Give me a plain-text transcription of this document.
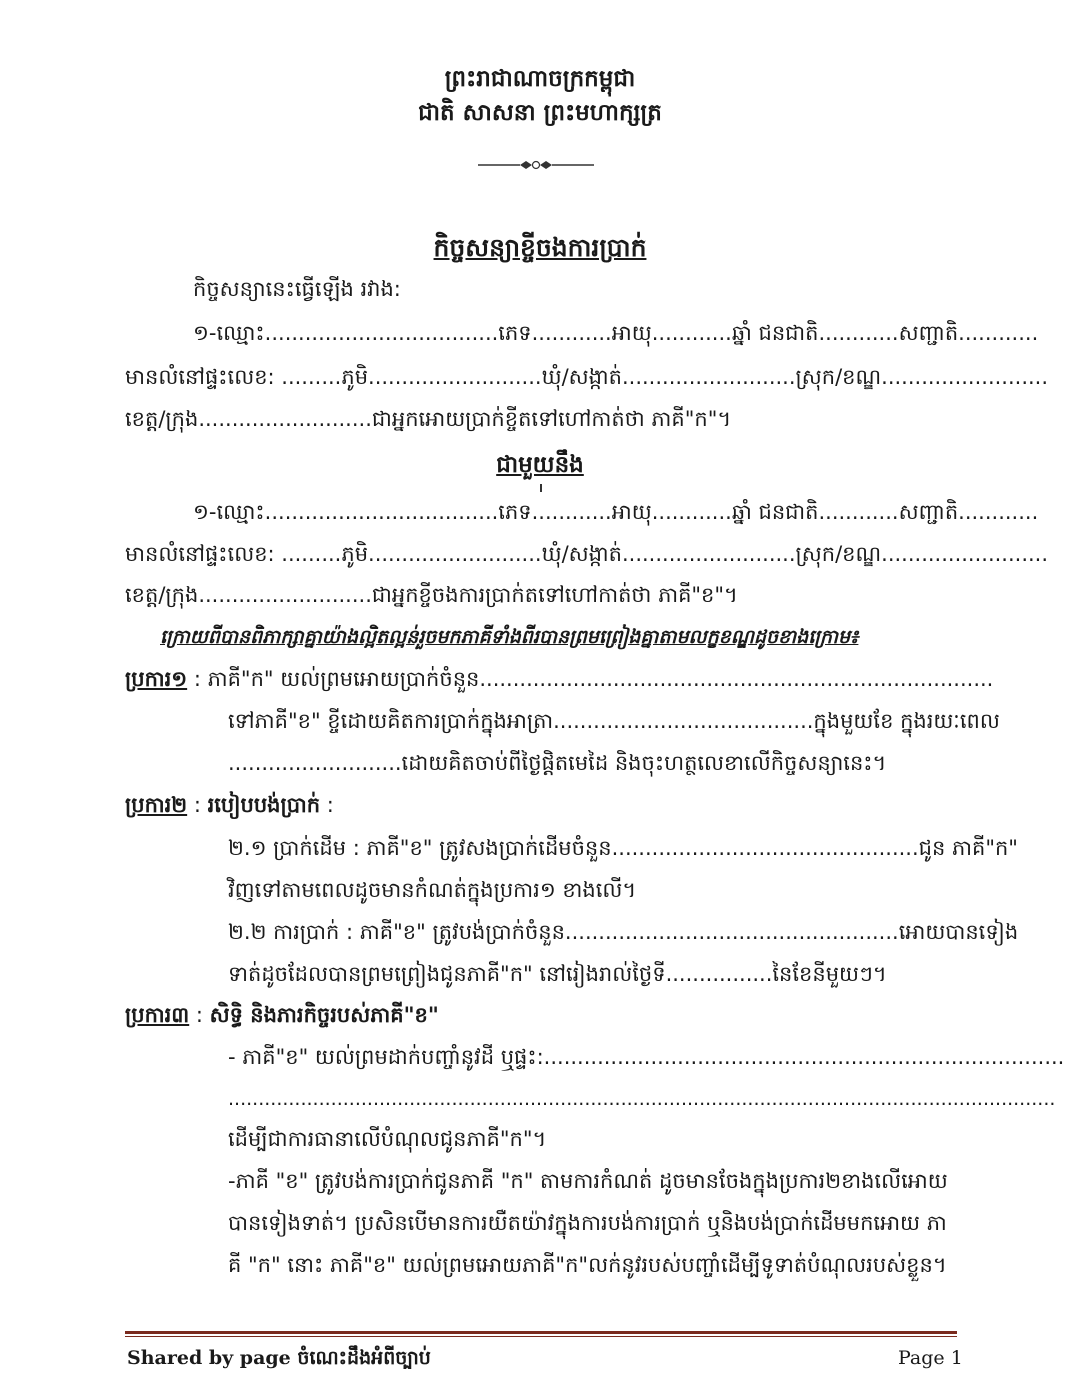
ព្រះរាជាណាចក្រកម្ពុជា
ជាតិ សាសនា ព្រះមហាក្សត្រ
កិច្ចសន្យាខ្ចីចងការប្រាក់
កិច្ចសន្យានេះធ្វើឡើង រវាង:
១-ឈ្មោះ...................................ភេទ............អាយុ............ឆ្នាំ ជនជាតិ............សញ្ជាតិ............
មានលំនៅផ្ទះលេខ: .........ភូមិ..........................ឃុំ/សង្កាត់..........................ស្រុក/ខណ្ឌ.........................
ខេត្ត/ក្រុង..........................ជាអ្នកអោយប្រាក់ខ្ចីតទៅហៅកាត់ថា ភាគី"ក"។
ជាមួយនឹង
១-ឈ្មោះ...................................ភេទ............អាយុ............ឆ្នាំ ជនជាតិ............សញ្ជាតិ............
មានលំនៅផ្ទះលេខ: .........ភូមិ..........................ឃុំ/សង្កាត់..........................ស្រុក/ខណ្ឌ.........................
ខេត្ត/ក្រុង..........................ជាអ្នកខ្ចីចងការប្រាក់តទៅហៅកាត់ថា ភាគី"ខ"។
ក្រោយពីបានពិភាក្សាគ្នាយ៉ាងល្អិតល្អន់រួចមកភាគីទាំងពីរបានព្រមព្រៀងគ្នាតាមលក្ខខណ្ឌដូចខាងក្រោម៖
ប្រការ១ : ភាគី"ក" យល់ព្រមអោយប្រាក់ចំនួន.............................................................................
ទៅភាគី"ខ" ខ្ចីដោយគិតការប្រាក់ក្នុងអាត្រា.......................................ក្នុងមួយខែ ក្នុងរយៈពេល
..........................ដោយគិតចាប់ពីថ្ងៃផ្តិតមេដៃ និងចុះហត្ថលេខាលើកិច្ចសន្យានេះ។
ប្រការ២ : របៀបបង់ប្រាក់ :
២.១ ប្រាក់ដើម : ភាគី"ខ" ត្រូវសងប្រាក់ដើមចំនួន..............................................ជូន ភាគី"ក"
វិញទៅតាមពេលដូចមានកំណត់ក្នុងប្រការ១ ខាងលើ។
២.២ ការប្រាក់ : ភាគី"ខ" ត្រូវបង់ប្រាក់ចំនួន..................................................អោយបានទៀង
ទាត់ដូចដែលបានព្រមព្រៀងជូនភាគី"ក" នៅរៀងរាល់ថ្ងៃទី................នៃខែនីមួយៗ។
ប្រការ៣ : សិទ្ធិ និងភារកិច្ចរបស់ភាគី"ខ"
- ភាគី"ខ" យល់ព្រមដាក់បញ្ចាំនូវដី ឬផ្ទះ:..............................................................................
.........................................................................................................................................
ដើម្បីជាការធានាលើបំណុលជូនភាគី"ក"។
-ភាគី "ខ" ត្រូវបង់ការប្រាក់ជូនភាគី "ក" តាមការកំណត់ ដូចមានចែងក្នុងប្រការ២ខាងលើអោយ
បានទៀងទាត់។ ប្រសិនបើមានការយឺតយ៉ាវក្នុងការបង់ការប្រាក់ ឬនិងបង់ប្រាក់ដើមមកអោយ ភា
គី "ក" នោះ ភាគី"ខ" យល់ព្រមអោយភាគី"ក"លក់នូវរបស់បញ្ចាំដើម្បីទូទាត់បំណុលរបស់ខ្លួន។
Shared by page ចំណេះដឹងអំពីច្បាប់	Page 1
